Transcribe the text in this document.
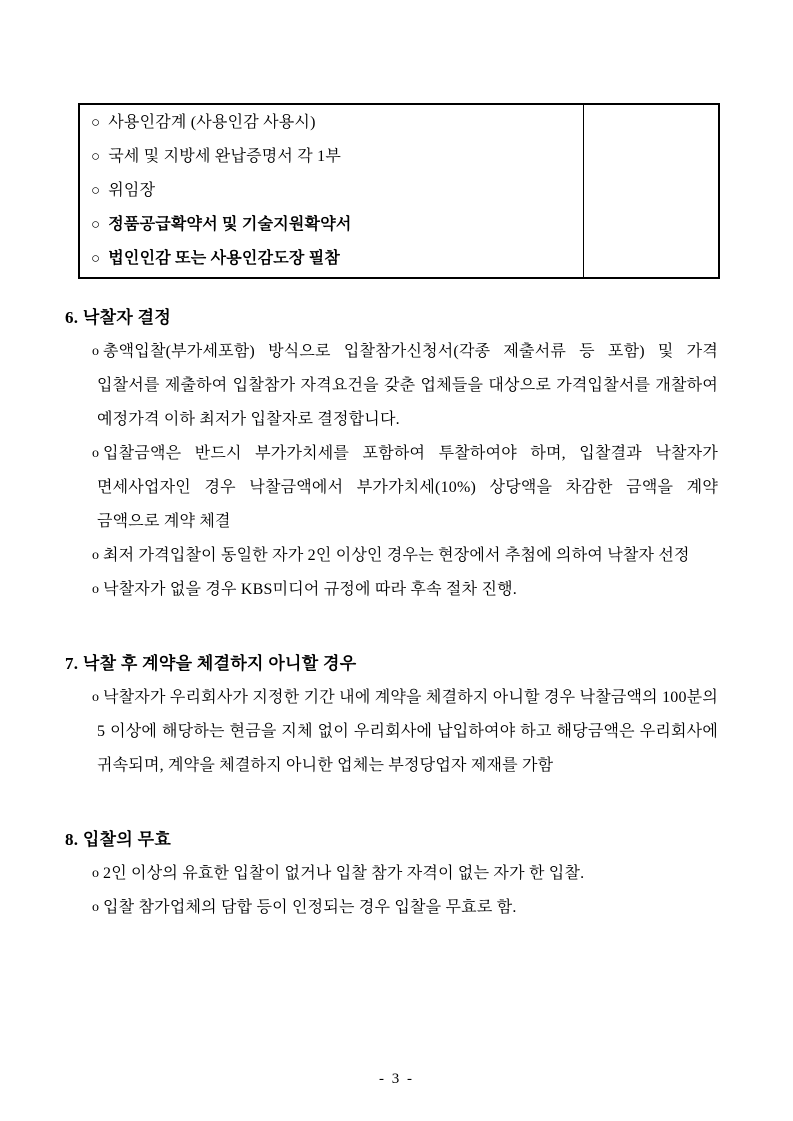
○ 사용인감계 (사용인감 사용시)
○ 국세 및 지방세 완납증명서 각 1부
○ 위임장
○ 정품공급확약서 및 기술지원확약서
○ 법인인감 또는 사용인감도장 필참
6. 낙찰자 결정
o 총액입찰(부가세포함) 방식으로 입찰참가신청서(각종 제출서류 등 포함) 및 가격 입찰서를 제출하여 입찰참가 자격요건을 갖춘 업체들을 대상으로 가격입찰서를 개찰하여 예정가격 이하 최저가 입찰자로 결정합니다.
o 입찰금액은 반드시 부가가치세를 포함하여 투찰하여야 하며, 입찰결과 낙찰자가 면세사업자인 경우 낙찰금액에서 부가가치세(10%) 상당액을 차감한 금액을 계약 금액으로 계약 체결
o 최저 가격입찰이 동일한 자가 2인 이상인 경우는 현장에서 추첨에 의하여 낙찰자 선정
o 낙찰자가 없을 경우 KBS미디어 규정에 따라 후속 절차 진행.
7. 낙찰 후 계약을 체결하지 아니할 경우
o 낙찰자가 우리회사가 지정한 기간 내에 계약을 체결하지 아니할 경우 낙찰금액의 100분의 5 이상에 해당하는 현금을 지체 없이 우리회사에 납입하여야 하고 해당금액은 우리회사에 귀속되며, 계약을 체결하지 아니한 업체는 부정당업자 제재를 가함
8. 입찰의 무효
o 2인 이상의 유효한 입찰이 없거나 입찰 참가 자격이 없는 자가 한 입찰.
o 입찰 참가업체의 담합 등이 인정되는 경우 입찰을 무효로 함.
- 3 -
